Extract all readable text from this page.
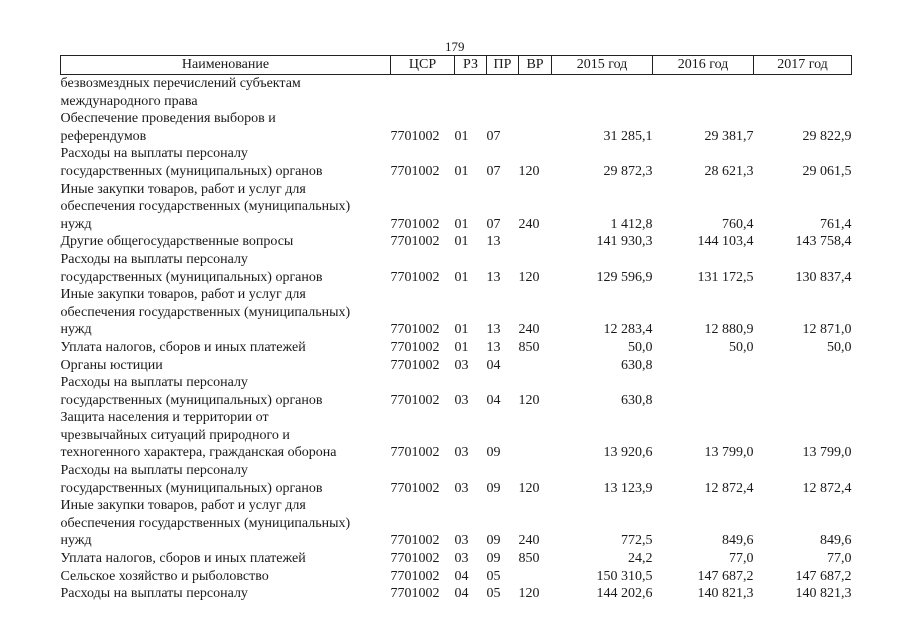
179
Наименование	ЦСР	РЗ	ПР	ВР	2015 год	2016 год	2017 год
безвозмездных перечислений субъектам
международного права							
Обеспечение проведения выборов и
референдумов	7701002	01	07		31 285,1	29 381,7	29 822,9
Расходы на выплаты персоналу
государственных (муниципальных) органов	7701002	01	07	120	29 872,3	28 621,3	29 061,5
Иные закупки товаров, работ и услуг для
обеспечения государственных (муниципальных)
нужд	7701002	01	07	240	1 412,8	760,4	761,4
Другие общегосударственные вопросы	7701002	01	13		141 930,3	144 103,4	143 758,4
Расходы на выплаты персоналу
государственных (муниципальных) органов	7701002	01	13	120	129 596,9	131 172,5	130 837,4
Иные закупки товаров, работ и услуг для
обеспечения государственных (муниципальных)
нужд	7701002	01	13	240	12 283,4	12 880,9	12 871,0
Уплата налогов, сборов и иных платежей	7701002	01	13	850	50,0	50,0	50,0
Органы юстиции	7701002	03	04		630,8		
Расходы на выплаты персоналу
государственных (муниципальных) органов	7701002	03	04	120	630,8		
Защита населения и территории от
чрезвычайных ситуаций природного и
техногенного характера, гражданская оборона	7701002	03	09		13 920,6	13 799,0	13 799,0
Расходы на выплаты персоналу
государственных (муниципальных) органов	7701002	03	09	120	13 123,9	12 872,4	12 872,4
Иные закупки товаров, работ и услуг для
обеспечения государственных (муниципальных)
нужд	7701002	03	09	240	772,5	849,6	849,6
Уплата налогов, сборов и иных платежей	7701002	03	09	850	24,2	77,0	77,0
Сельское хозяйство и рыболовство	7701002	04	05		150 310,5	147 687,2	147 687,2
Расходы на выплаты персоналу	7701002	04	05	120	144 202,6	140 821,3	140 821,3
